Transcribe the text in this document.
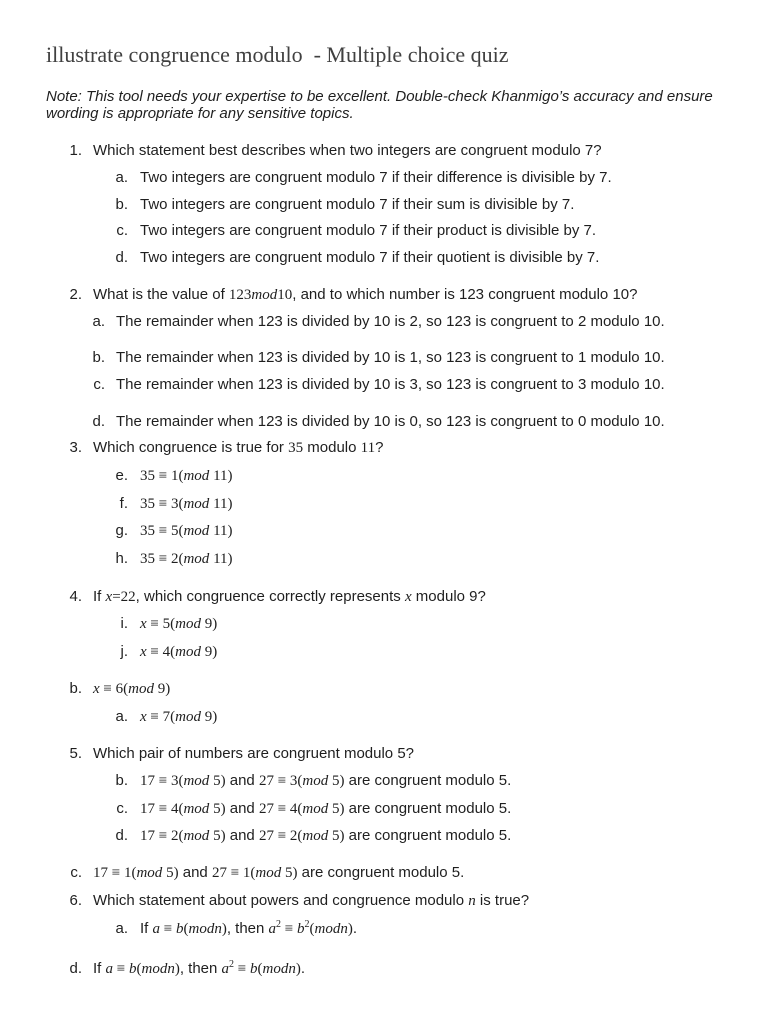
illustrate congruence modulo  - Multiple choice quiz
Note: This tool needs your expertise to be excellent. Double-check Khanmigo’s accuracy and ensure wording is appropriate for any sensitive topics.
1. Which statement best describes when two integers are congruent modulo 7?
a. Two integers are congruent modulo 7 if their difference is divisible by 7.
b. Two integers are congruent modulo 7 if their sum is divisible by 7.
c. Two integers are congruent modulo 7 if their product is divisible by 7.
d. Two integers are congruent modulo 7 if their quotient is divisible by 7.
2. What is the value of 123mod10, and to which number is 123 congruent modulo 10?
a. The remainder when 123 is divided by 10 is 2, so 123 is congruent to 2 modulo 10.
b. The remainder when 123 is divided by 10 is 1, so 123 is congruent to 1 modulo 10.
c. The remainder when 123 is divided by 10 is 3, so 123 is congruent to 3 modulo 10.
d. The remainder when 123 is divided by 10 is 0, so 123 is congruent to 0 modulo 10.
3. Which congruence is true for 35 modulo 11?
e. 35 ≡ 1(mod 11)
f. 35 ≡ 3(mod 11)
g. 35 ≡ 5(mod 11)
h. 35 ≡ 2(mod 11)
4. If x=22, which congruence correctly represents x modulo 9?
i. x ≡ 5(mod 9)
j. x ≡ 4(mod 9)
b. x ≡ 6(mod 9)
a. x ≡ 7(mod 9)
5. Which pair of numbers are congruent modulo 5?
b. 17 ≡ 3(mod 5) and 27 ≡ 3(mod 5) are congruent modulo 5.
c. 17 ≡ 4(mod 5) and 27 ≡ 4(mod 5) are congruent modulo 5.
d. 17 ≡ 2(mod 5) and 27 ≡ 2(mod 5) are congruent modulo 5.
c. 17 ≡ 1(mod 5) and 27 ≡ 1(mod 5) are congruent modulo 5.
6. Which statement about powers and congruence modulo n is true?
a. If a ≡ b(modn), then $a^2$ ≡ $b^2(modn)$.
d. If a ≡ b(modn), then $a^2$ ≡ b(modn).
